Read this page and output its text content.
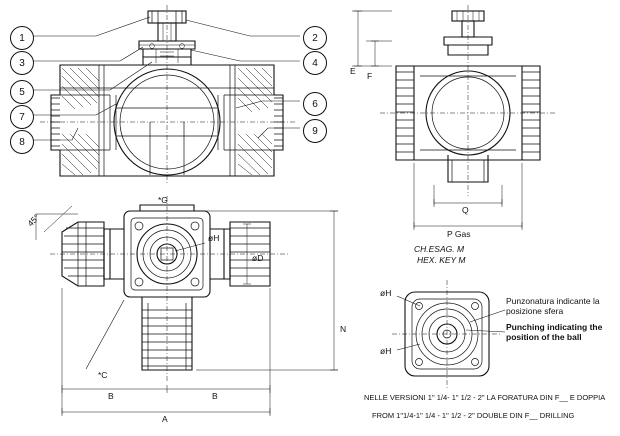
1	2
3	4
5
6
7
8
9
E F
Q
P Gas
*G
øH
øD
N
*C
B	B
A
45°
øH
øH
CH.ESAG. M
HEX. KEY M
Punzonatura indicante la
posizione sfera
Punching indicating the
position of the ball
NELLE VERSIONI 1" 1/4- 1" 1/2 - 2" LA FORATURA DIN F__ E DOPPIA
FROM 1"1/4-1" 1/4 - 1" 1/2 - 2" DOUBLE DIN F__ DRILLING
